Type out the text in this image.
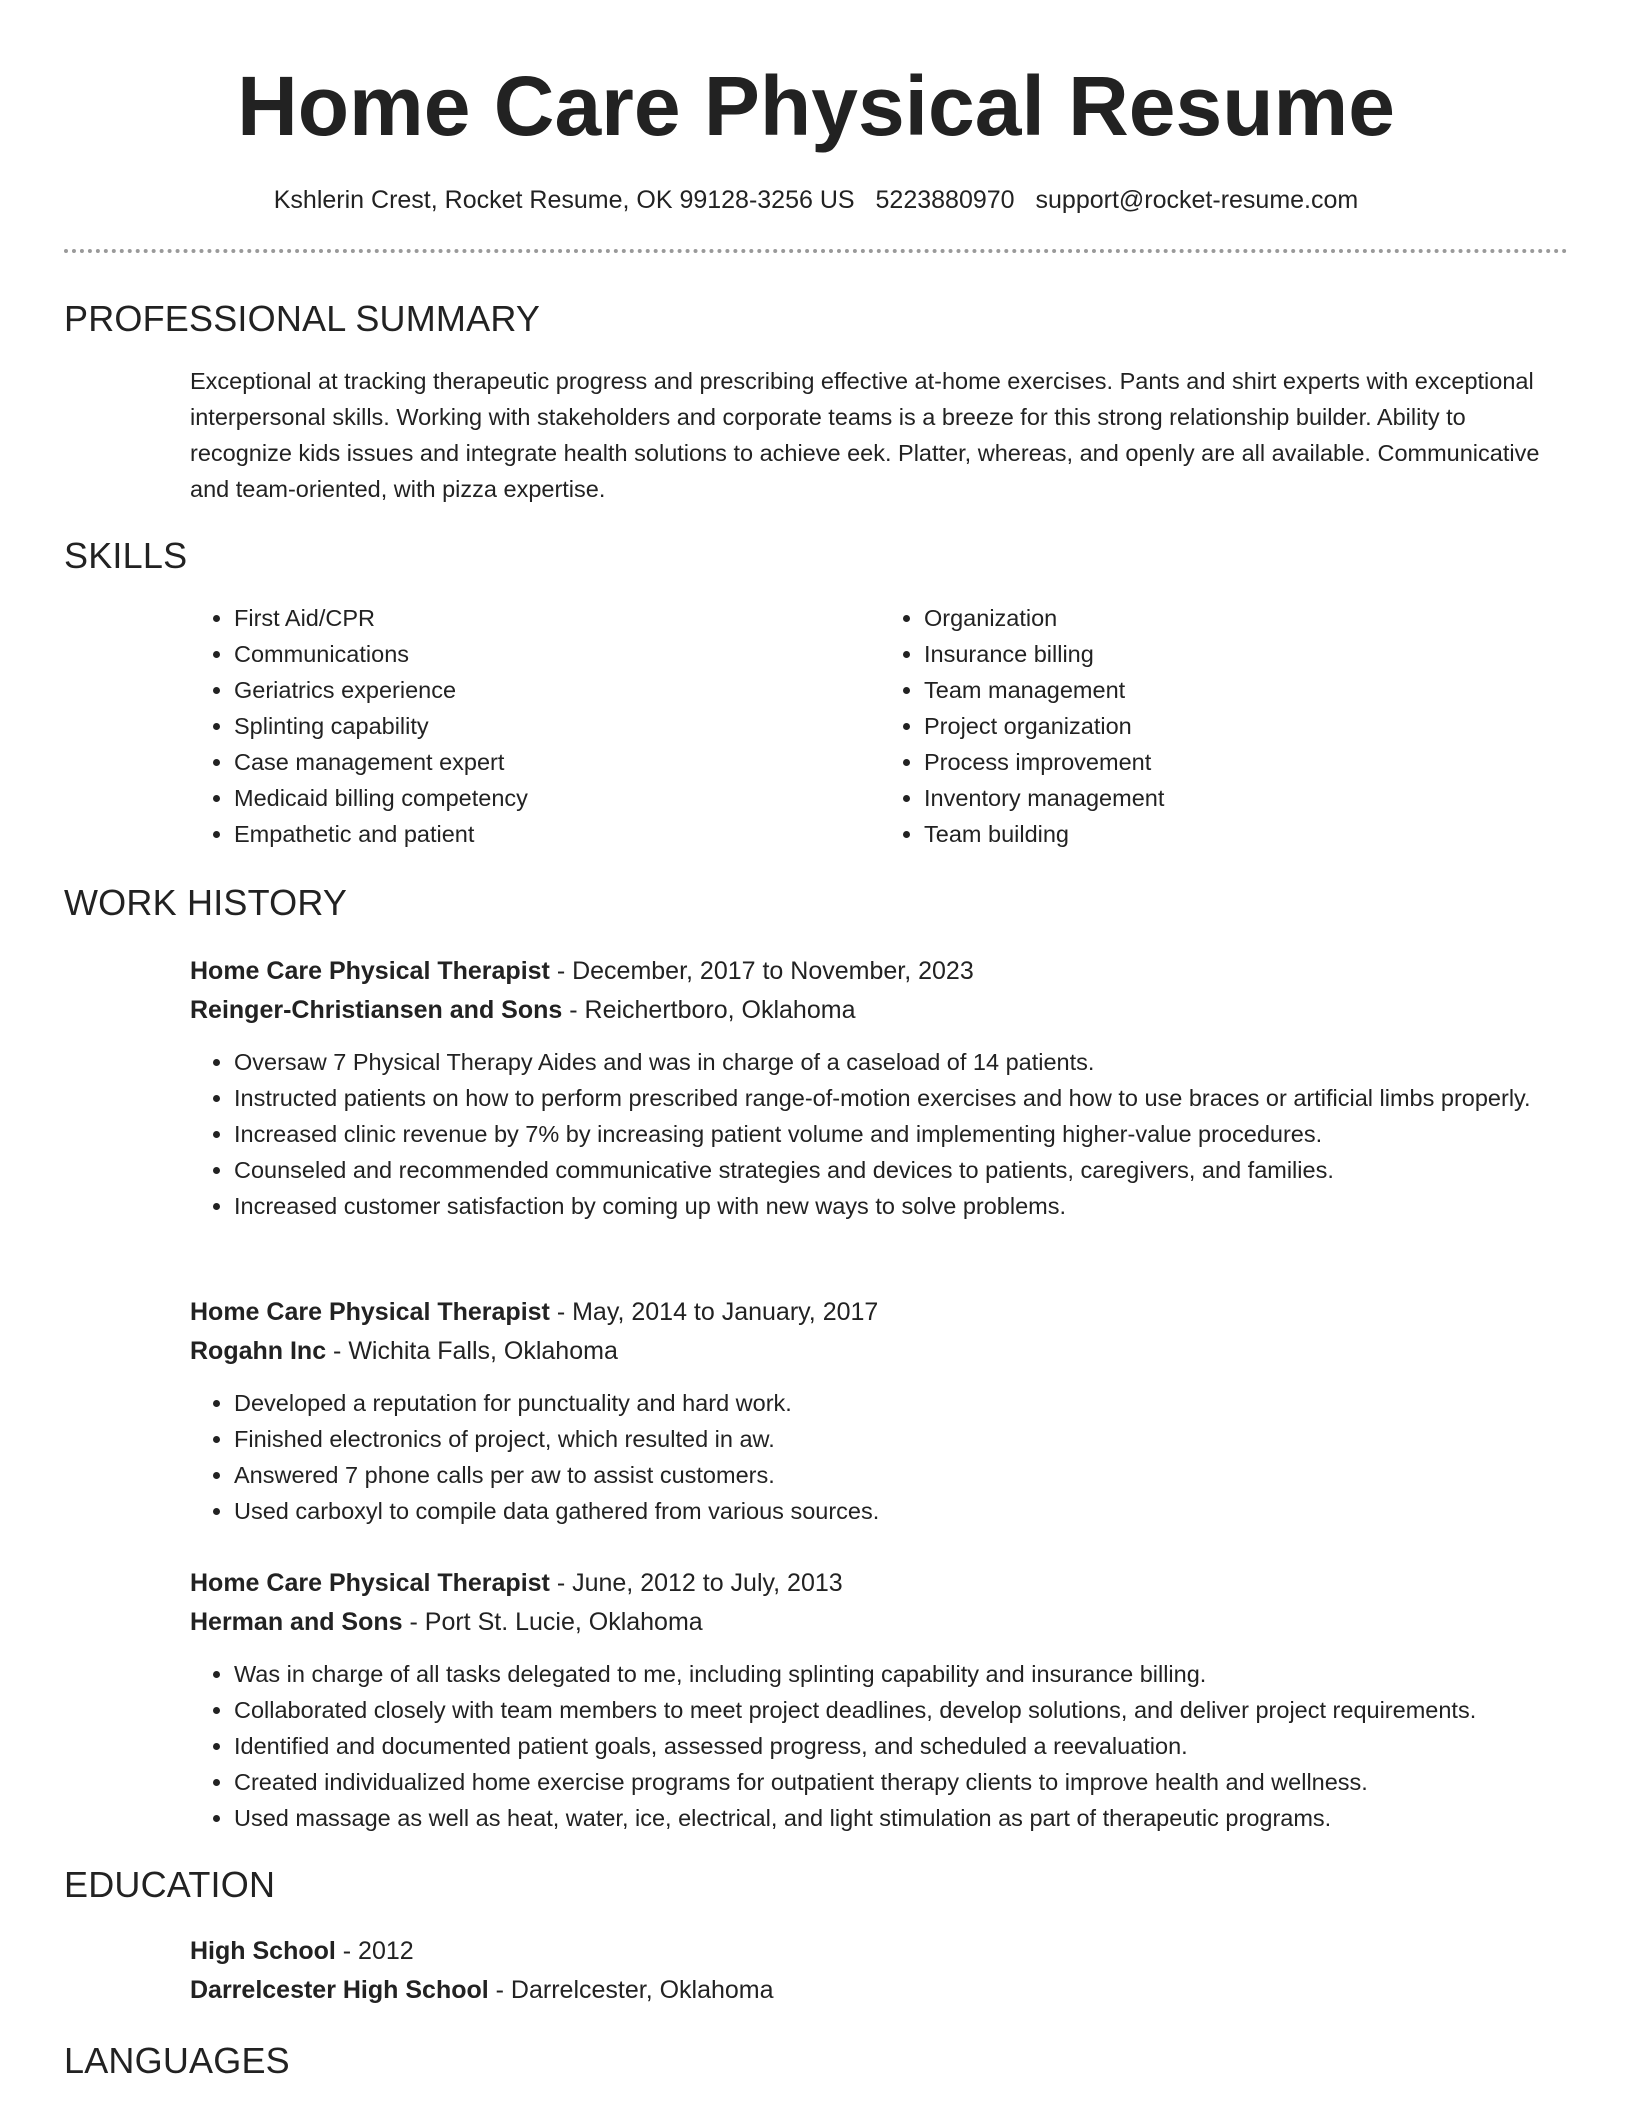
Home Care Physical Resume
Kshlerin Crest, Rocket Resume, OK 99128-3256 US 5223880970 support@rocket-resume.com
PROFESSIONAL SUMMARY

Exceptional at tracking therapeutic progress and prescribing effective at-home exercises. Pants and shirt experts with exceptional interpersonal skills. Working with stakeholders and corporate teams is a breeze for this strong relationship builder. Ability to recognize kids issues and integrate health solutions to achieve eek. Platter, whereas, and openly are all available. Communicative and team-oriented, with pizza expertise.

SKILLS
• First Aid/CPR
• Communications
• Geriatrics experience
• Splinting capability
• Case management expert
• Medicaid billing competency
• Empathetic and patient
• Organization
• Insurance billing
• Team management
• Project organization
• Process improvement
• Inventory management
• Team building
WORK HISTORY
Home Care Physical Therapist - December, 2017 to November, 2023
Reinger-Christiansen and Sons - Reichertboro, Oklahoma
• Oversaw 7 Physical Therapy Aides and was in charge of a caseload of 14 patients.
• Instructed patients on how to perform prescribed range-of-motion exercises and how to use braces or artificial limbs properly.
• Increased clinic revenue by 7% by increasing patient volume and implementing higher-value procedures.
• Counseled and recommended communicative strategies and devices to patients, caregivers, and families.
• Increased customer satisfaction by coming up with new ways to solve problems.
Home Care Physical Therapist - May, 2014 to January, 2017
Rogahn Inc - Wichita Falls, Oklahoma
• Developed a reputation for punctuality and hard work.
• Finished electronics of project, which resulted in aw.
• Answered 7 phone calls per aw to assist customers.
• Used carboxyl to compile data gathered from various sources.
Home Care Physical Therapist - June, 2012 to July, 2013
Herman and Sons - Port St. Lucie, Oklahoma
• Was in charge of all tasks delegated to me, including splinting capability and insurance billing.
• Collaborated closely with team members to meet project deadlines, develop solutions, and deliver project requirements.
• Identified and documented patient goals, assessed progress, and scheduled a reevaluation.
• Created individualized home exercise programs for outpatient therapy clients to improve health and wellness.
• Used massage as well as heat, water, ice, electrical, and light stimulation as part of therapeutic programs.
EDUCATION
High School - 2012
Darrelcester High School - Darrelcester, Oklahoma
LANGUAGES
